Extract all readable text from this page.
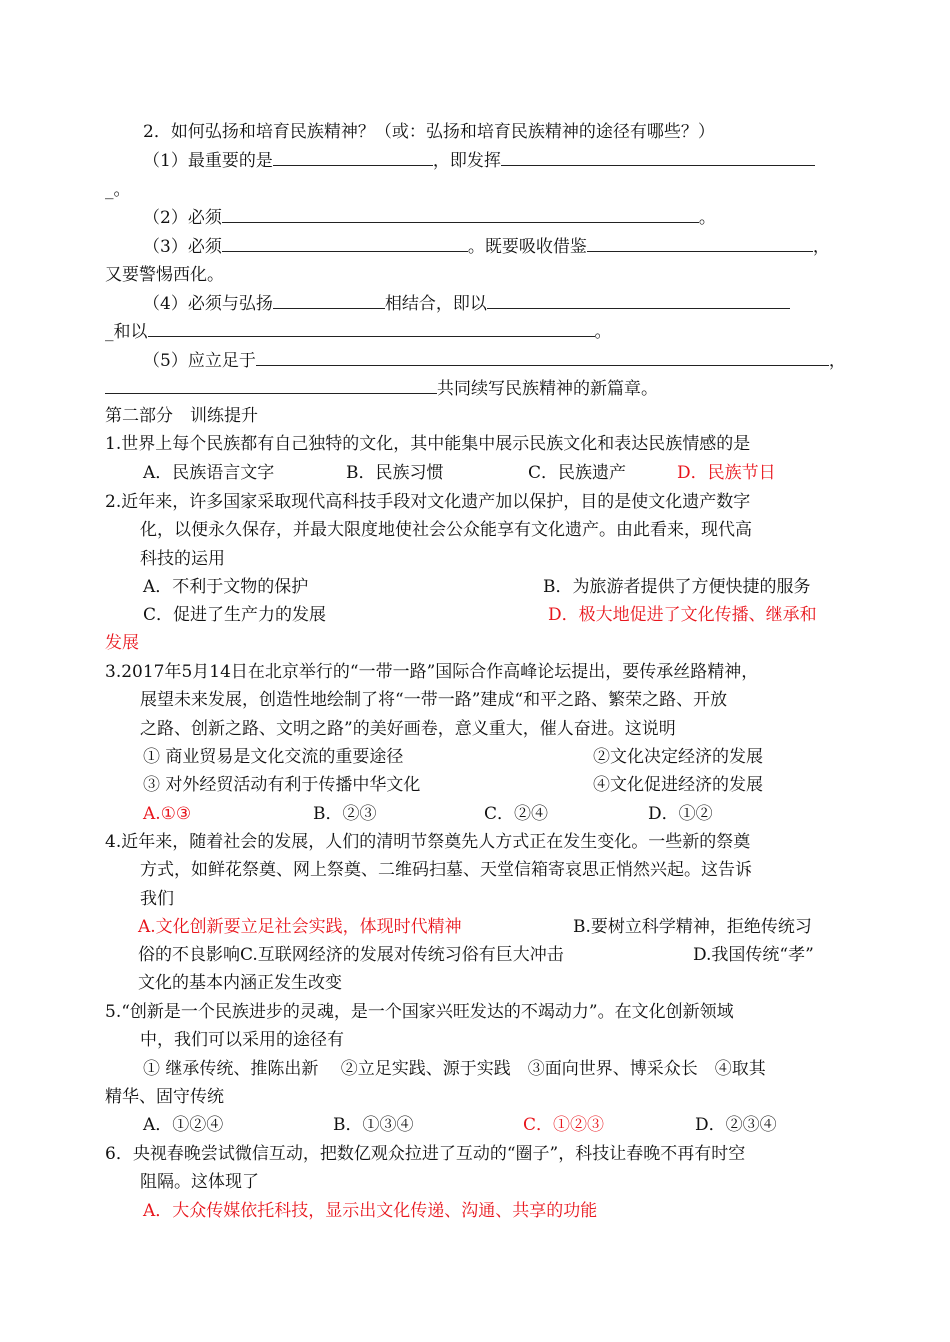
2．如何弘扬和培育民族精神？（或：弘扬和培育民族精神的途径有哪些？）
（1）最重要的是	，即发挥
_。
（2）必须	。
（3）必须	。既要吸收借鉴	，
又要警惕西化。
（4）必须与弘扬	相结合，即以
_和以	。
（5）应立足于	，
共同续写民族精神的新篇章。
第二部分　训练提升
1.世界上每个民族都有自己独特的文化，其中能集中展示民族文化和表达民族情感的是
A．民族语言文字	B．民族习惯	C．民族遗产	D．民族节日
2.近年来，许多国家采取现代高科技手段对文化遗产加以保护，目的是使文化遗产数字
化，以便永久保存，并最大限度地使社会公众能享有文化遗产。由此看来，现代高
科技的运用
A．不利于文物的保护	B．为旅游者提供了方便快捷的服务
C．促进了生产力的发展	D．极大地促进了文化传播、继承和
发展
3.2017年5月14日在北京举行的“一带一路”国际合作高峰论坛提出，要传承丝路精神，
展望未来发展，创造性地绘制了将“一带一路”建成“和平之路、繁荣之路、开放
之路、创新之路、文明之路”的美好画卷，意义重大，催人奋进。这说明
① 商业贸易是文化交流的重要途径	②文化决定经济的发展
③ 对外经贸活动有利于传播中华文化	④文化促进经济的发展
A.①③	B．②③	C．②④	D．①②
4.近年来，随着社会的发展，人们的清明节祭奠先人方式正在发生变化。一些新的祭奠
方式，如鲜花祭奠、网上祭奠、二维码扫墓、天堂信箱寄哀思正悄然兴起。这告诉
我们
A.文化创新要立足社会实践，体现时代精神	B.要树立科学精神，拒绝传统习
俗的不良影响C.互联网经济的发展对传统习俗有巨大冲击	D.我国传统“孝”
文化的基本内涵正发生改变
5.“创新是一个民族进步的灵魂，是一个国家兴旺发达的不竭动力”。在文化创新领域
中，我们可以采用的途径有
① 继承传统、推陈出新　 ②立足实践、源于实践　③面向世界、博采众长　④取其
精华、固守传统
A．①②④	B．①③④	C．①②③	D．②③④
6．央视春晚尝试微信互动，把数亿观众拉进了互动的“圈子”，科技让春晚不再有时空
阻隔。这体现了
A．大众传媒依托科技，显示出文化传递、沟通、共享的功能
